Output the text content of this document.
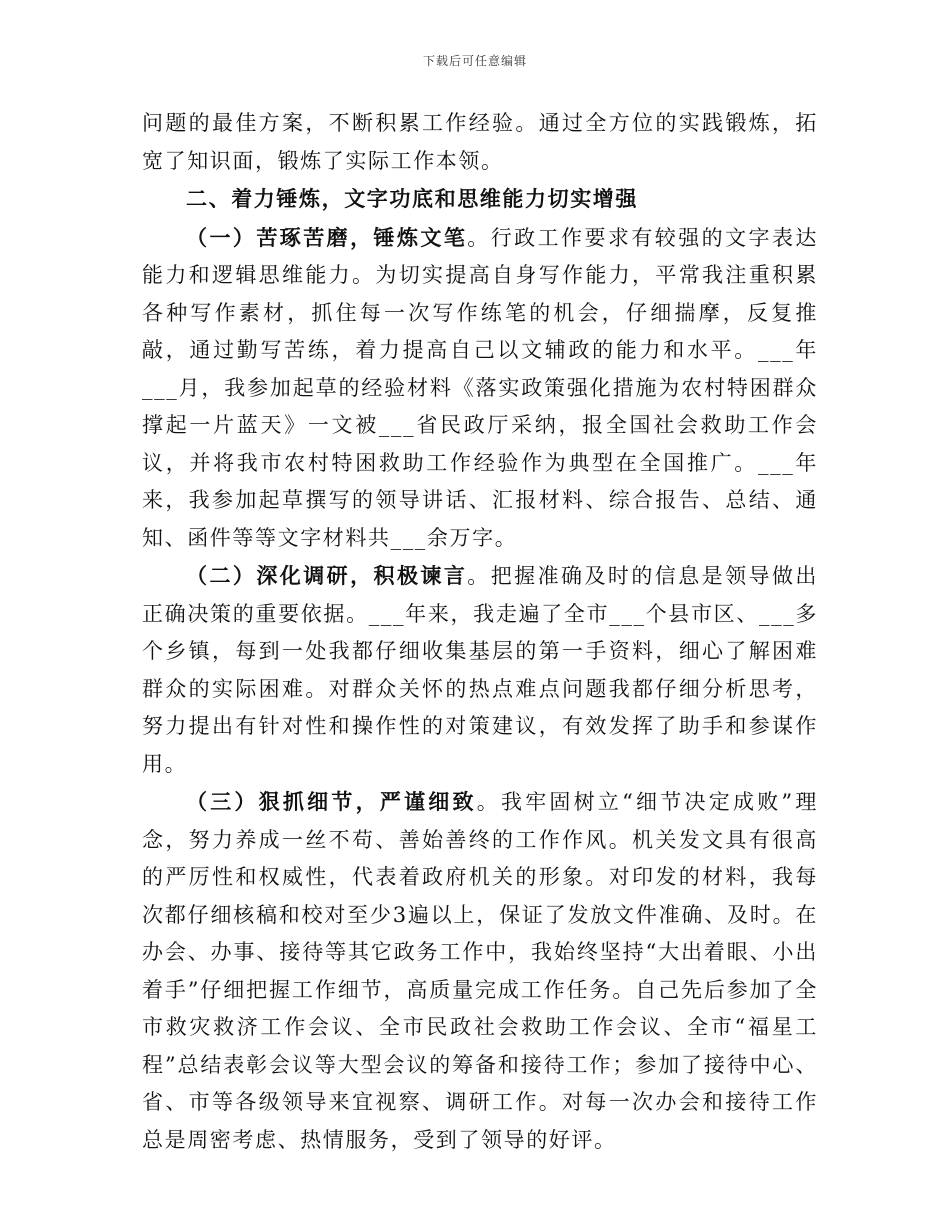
下载后可任意编辑

问题的最佳方案，不断积累工作经验。通过全方位的实践锻炼，拓宽了知识面，锻炼了实际工作本领。

二、着力锤炼，文字功底和思维能力切实增强

（一）苦琢苦磨，锤炼文笔。行政工作要求有较强的文字表达能力和逻辑思维能力。为切实提高自身写作能力，平常我注重积累各种写作素材，抓住每一次写作练笔的机会，仔细揣摩，反复推敲，通过勤写苦练，着力提高自己以文辅政的能力和水平。___年___月，我参加起草的经验材料《落实政策强化措施为农村特困群众撑起一片蓝天》一文被___省民政厅采纳，报全国社会救助工作会议，并将我市农村特困救助工作经验作为典型在全国推广。___年来，我参加起草撰写的领导讲话、汇报材料、综合报告、总结、通知、函件等等文字材料共___余万字。

（二）深化调研，积极谏言。把握准确及时的信息是领导做出正确决策的重要依据。___年来，我走遍了全市___个县市区、___多个乡镇，每到一处我都仔细收集基层的第一手资料，细心了解困难群众的实际困难。对群众关怀的热点难点问题我都仔细分析思考，努力提出有针对性和操作性的对策建议，有效发挥了助手和参谋作用。

（三）狠抓细节，严谨细致。我牢固树立“细节决定成败”理念，努力养成一丝不苟、善始善终的工作作风。机关发文具有很高的严厉性和权威性，代表着政府机关的形象。对印发的材料，我每次都仔细核稿和校对至少3遍以上，保证了发放文件准确、及时。在办会、办事、接待等其它政务工作中，我始终坚持“大出着眼、小出着手”仔细把握工作细节，高质量完成工作任务。自己先后参加了全市救灾救济工作会议、全市民政社会救助工作会议、全市“福星工程”总结表彰会议等大型会议的筹备和接待工作；参加了接待中心、省、市等各级领导来宜视察、调研工作。对每一次办会和接待工作总是周密考虑、热情服务，受到了领导的好评。
